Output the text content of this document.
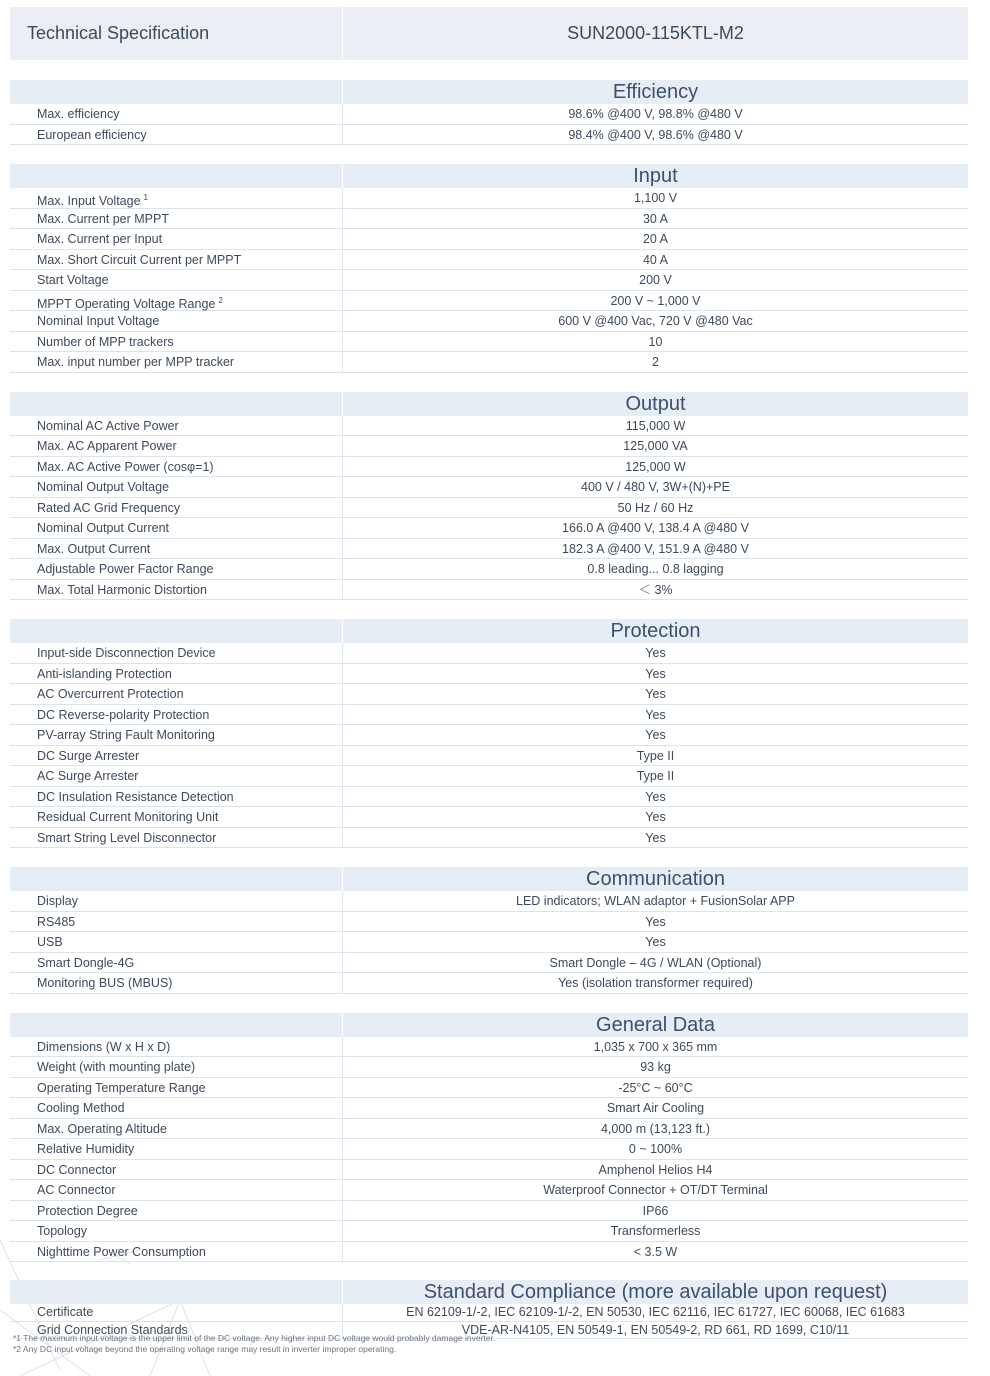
Technical Specification	SUN2000-115KTL-M2
Efficiency
Max. efficiency	98.6% @400 V, 98.8% @480 V
European efficiency	98.4% @400 V, 98.6% @480 V
Input
Max. Input Voltage $^1$	1,100 V
Max. Current per MPPT	30 A
Max. Current per Input	20 A
Max. Short Circuit Current per MPPT	40 A
Start Voltage	200 V
MPPT Operating Voltage Range $^2$	200 V ~ 1,000 V
Nominal Input Voltage	600 V @400 Vac, 720 V @480 Vac
Number of MPP trackers	10
Max. input number per MPP tracker	2
Output
Nominal AC Active Power	115,000 W
Max. AC Apparent Power	125,000 VA
Max. AC Active Power (cosφ=1)	125,000 W
Nominal Output Voltage	400 V / 480 V, 3W+(N)+PE
Rated AC Grid Frequency	50 Hz / 60 Hz
Nominal Output Current	166.0 A @400 V, 138.4 A @480 V
Max. Output Current	182.3 A @400 V, 151.9 A @480 V
Adjustable Power Factor Range	0.8 leading... 0.8 lagging
Max. Total Harmonic Distortion	＜ 3%
Protection
Input-side Disconnection Device	Yes
Anti-islanding Protection	Yes
AC Overcurrent Protection	Yes
DC Reverse-polarity Protection	Yes
PV-array String Fault Monitoring	Yes
DC Surge Arrester	Type II
AC Surge Arrester	Type II
DC Insulation Resistance Detection	Yes
Residual Current Monitoring Unit	Yes
Smart String Level Disconnector	Yes
Communication
Display	LED indicators; WLAN adaptor + FusionSolar APP
RS485	Yes
USB	Yes
Smart Dongle-4G	Smart Dongle – 4G / WLAN (Optional)
Monitoring BUS (MBUS)	Yes (isolation transformer required)
General Data
Dimensions (W x H x D)	1,035 x 700 x 365 mm
Weight (with mounting plate)	93 kg
Operating Temperature Range	-25°C ~ 60°C
Cooling Method	Smart Air Cooling
Max. Operating Altitude	4,000 m (13,123 ft.)
Relative Humidity	0 ~ 100%
DC Connector	Amphenol Helios H4
AC Connector	Waterproof Connector + OT/DT Terminal
Protection Degree	IP66
Topology	Transformerless
Nighttime Power Consumption	< 3.5 W
Standard Compliance (more available upon request)
Certificate	EN 62109-1/-2, IEC 62109-1/-2, EN 50530, IEC 62116, IEC 61727, IEC 60068, IEC 61683
Grid Connection Standards	VDE-AR-N4105, EN 50549-1, EN 50549-2, RD 661, RD 1699, C10/11
*1 The maximum input voltage is the upper limit of the DC voltage. Any higher input DC voltage would probably damage inverter.
*2 Any DC input voltage beyond the operating voltage range may result in inverter improper operating.
